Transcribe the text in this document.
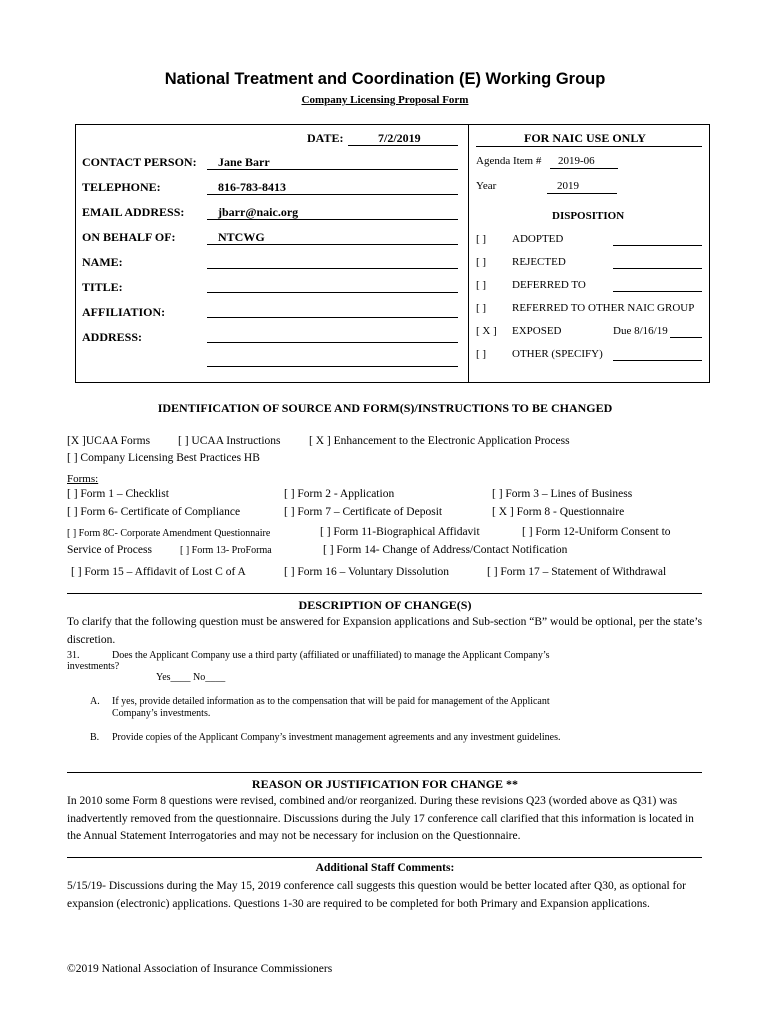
National Treatment and Coordination (E) Working Group
Company Licensing Proposal Form
DATE:	7/2/2019
CONTACT PERSON: Jane Barr
TELEPHONE:	816-783-8413
EMAIL ADDRESS:	jbarr@naic.org
ON BEHALF OF:	NTCWG
NAME:
TITLE:
AFFILIATION:
ADDRESS:
FOR NAIC USE ONLY
Agenda Item # 2019-06
Year	2019
DISPOSITION
[ ] ADOPTED
[ ] REJECTED
[ ] DEFERRED TO
[ ] REFERRED TO OTHER NAIC GROUP
[ X ] EXPOSED	Due 8/16/19
[ ] OTHER (SPECIFY)
IDENTIFICATION OF SOURCE AND FORM(S)/INSTRUCTIONS TO BE CHANGED
[X ]UCAA Forms [ ] UCAA Instructions [ X ] Enhancement to the Electronic Application Process
[ ] Company Licensing Best Practices HB
Forms:
[ ] Form 1 – Checklist	[ ] Form 2 - Application	[ ] Form 3 – Lines of Business
[ ] Form 6- Certificate of Compliance	[ ] Form 7 – Certificate of Deposit	[ X ] Form 8 - Questionnaire
[ ] Form 8C- Corporate Amendment Questionnaire	[ ] Form 11-Biographical Affidavit	[ ] Form 12-Uniform Consent to
Service of Process	[ ] Form 13- ProForma	[ ] Form 14- Change of Address/Contact Notification
[ ] Form 15 – Affidavit of Lost C of A	[ ] Form 16 – Voluntary Dissolution	[ ] Form 17 – Statement of Withdrawal
DESCRIPTION OF CHANGE(S)
To clarify that the following question must be answered for Expansion applications and Sub-section “B” would be optional, per the state’s discretion.
31.	Does the Applicant Company use a third party (affiliated or unaffiliated) to manage the Applicant Company’s
investments?
Yes____ No____
A. If yes, provide detailed information as to the compensation that will be paid for management of the Applicant
Company’s investments.
B. Provide copies of the Applicant Company’s investment management agreements and any investment guidelines.
REASON OR JUSTIFICATION FOR CHANGE **
In 2010 some Form 8 questions were revised, combined and/or reorganized. During these revisions Q23 (worded above as Q31) was inadvertently removed from the questionnaire. Discussions during the July 17 conference call clarified that this information is located in the Annual Statement Interrogatories and may not be necessary for inclusion on the Questionnaire.
Additional Staff Comments:
5/15/19- Discussions during the May 15, 2019 conference call suggests this question would be better located after Q30, as optional for expansion (electronic) applications. Questions 1-30 are required to be completed for both Primary and Expansion applications.
©2019 National Association of Insurance Commissioners
